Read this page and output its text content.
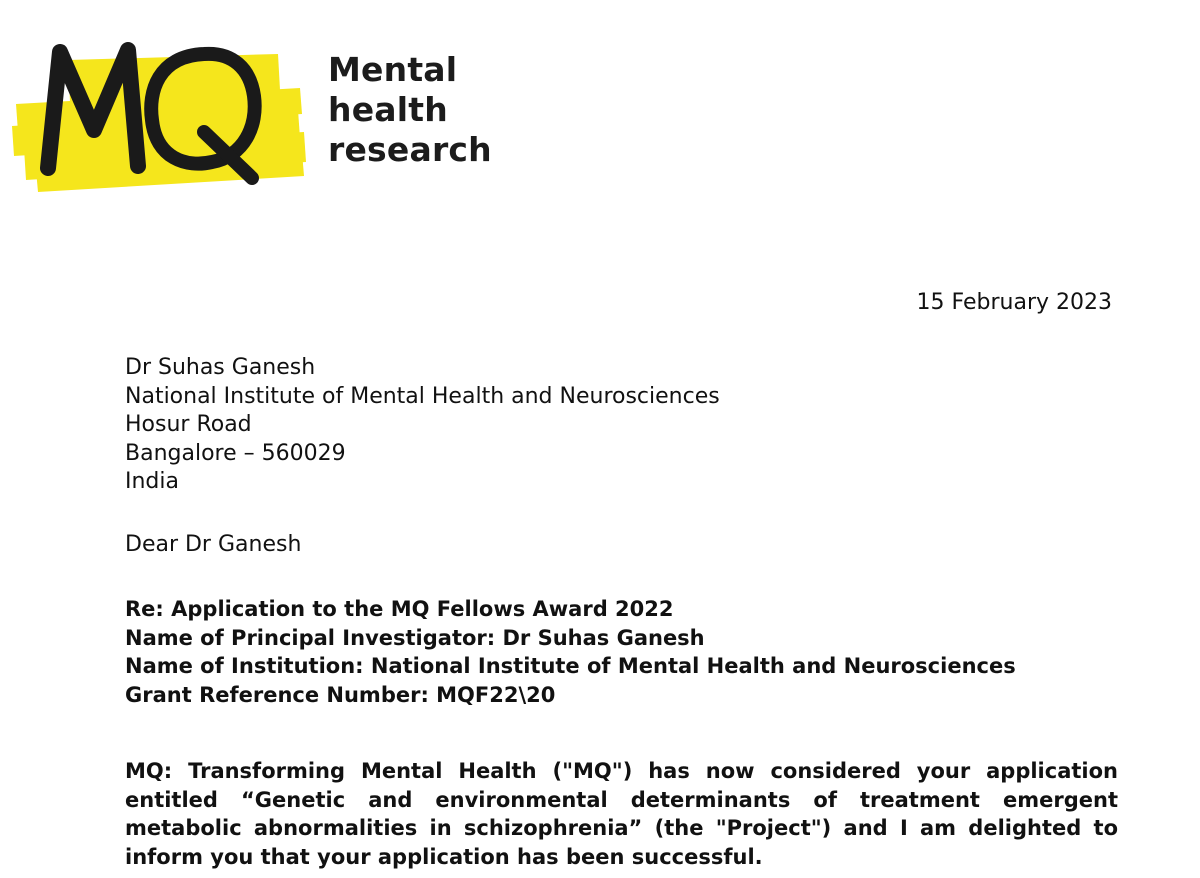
Mental
health
research
15 February 2023
Dr Suhas Ganesh
National Institute of Mental Health and Neurosciences
Hosur Road
Bangalore – 560029
India
Dear Dr Ganesh
Re: Application to the MQ Fellows Award 2022
Name of Principal Investigator: Dr Suhas Ganesh
Name of Institution: National Institute of Mental Health and Neurosciences
Grant Reference Number: MQF22\20

MQ: Transforming Mental Health ("MQ") has now considered your application entitled “Genetic and environmental determinants of treatment emergent metabolic abnormalities in schizophrenia” (the "Project") and I am delighted to inform you that your application has been successful.
